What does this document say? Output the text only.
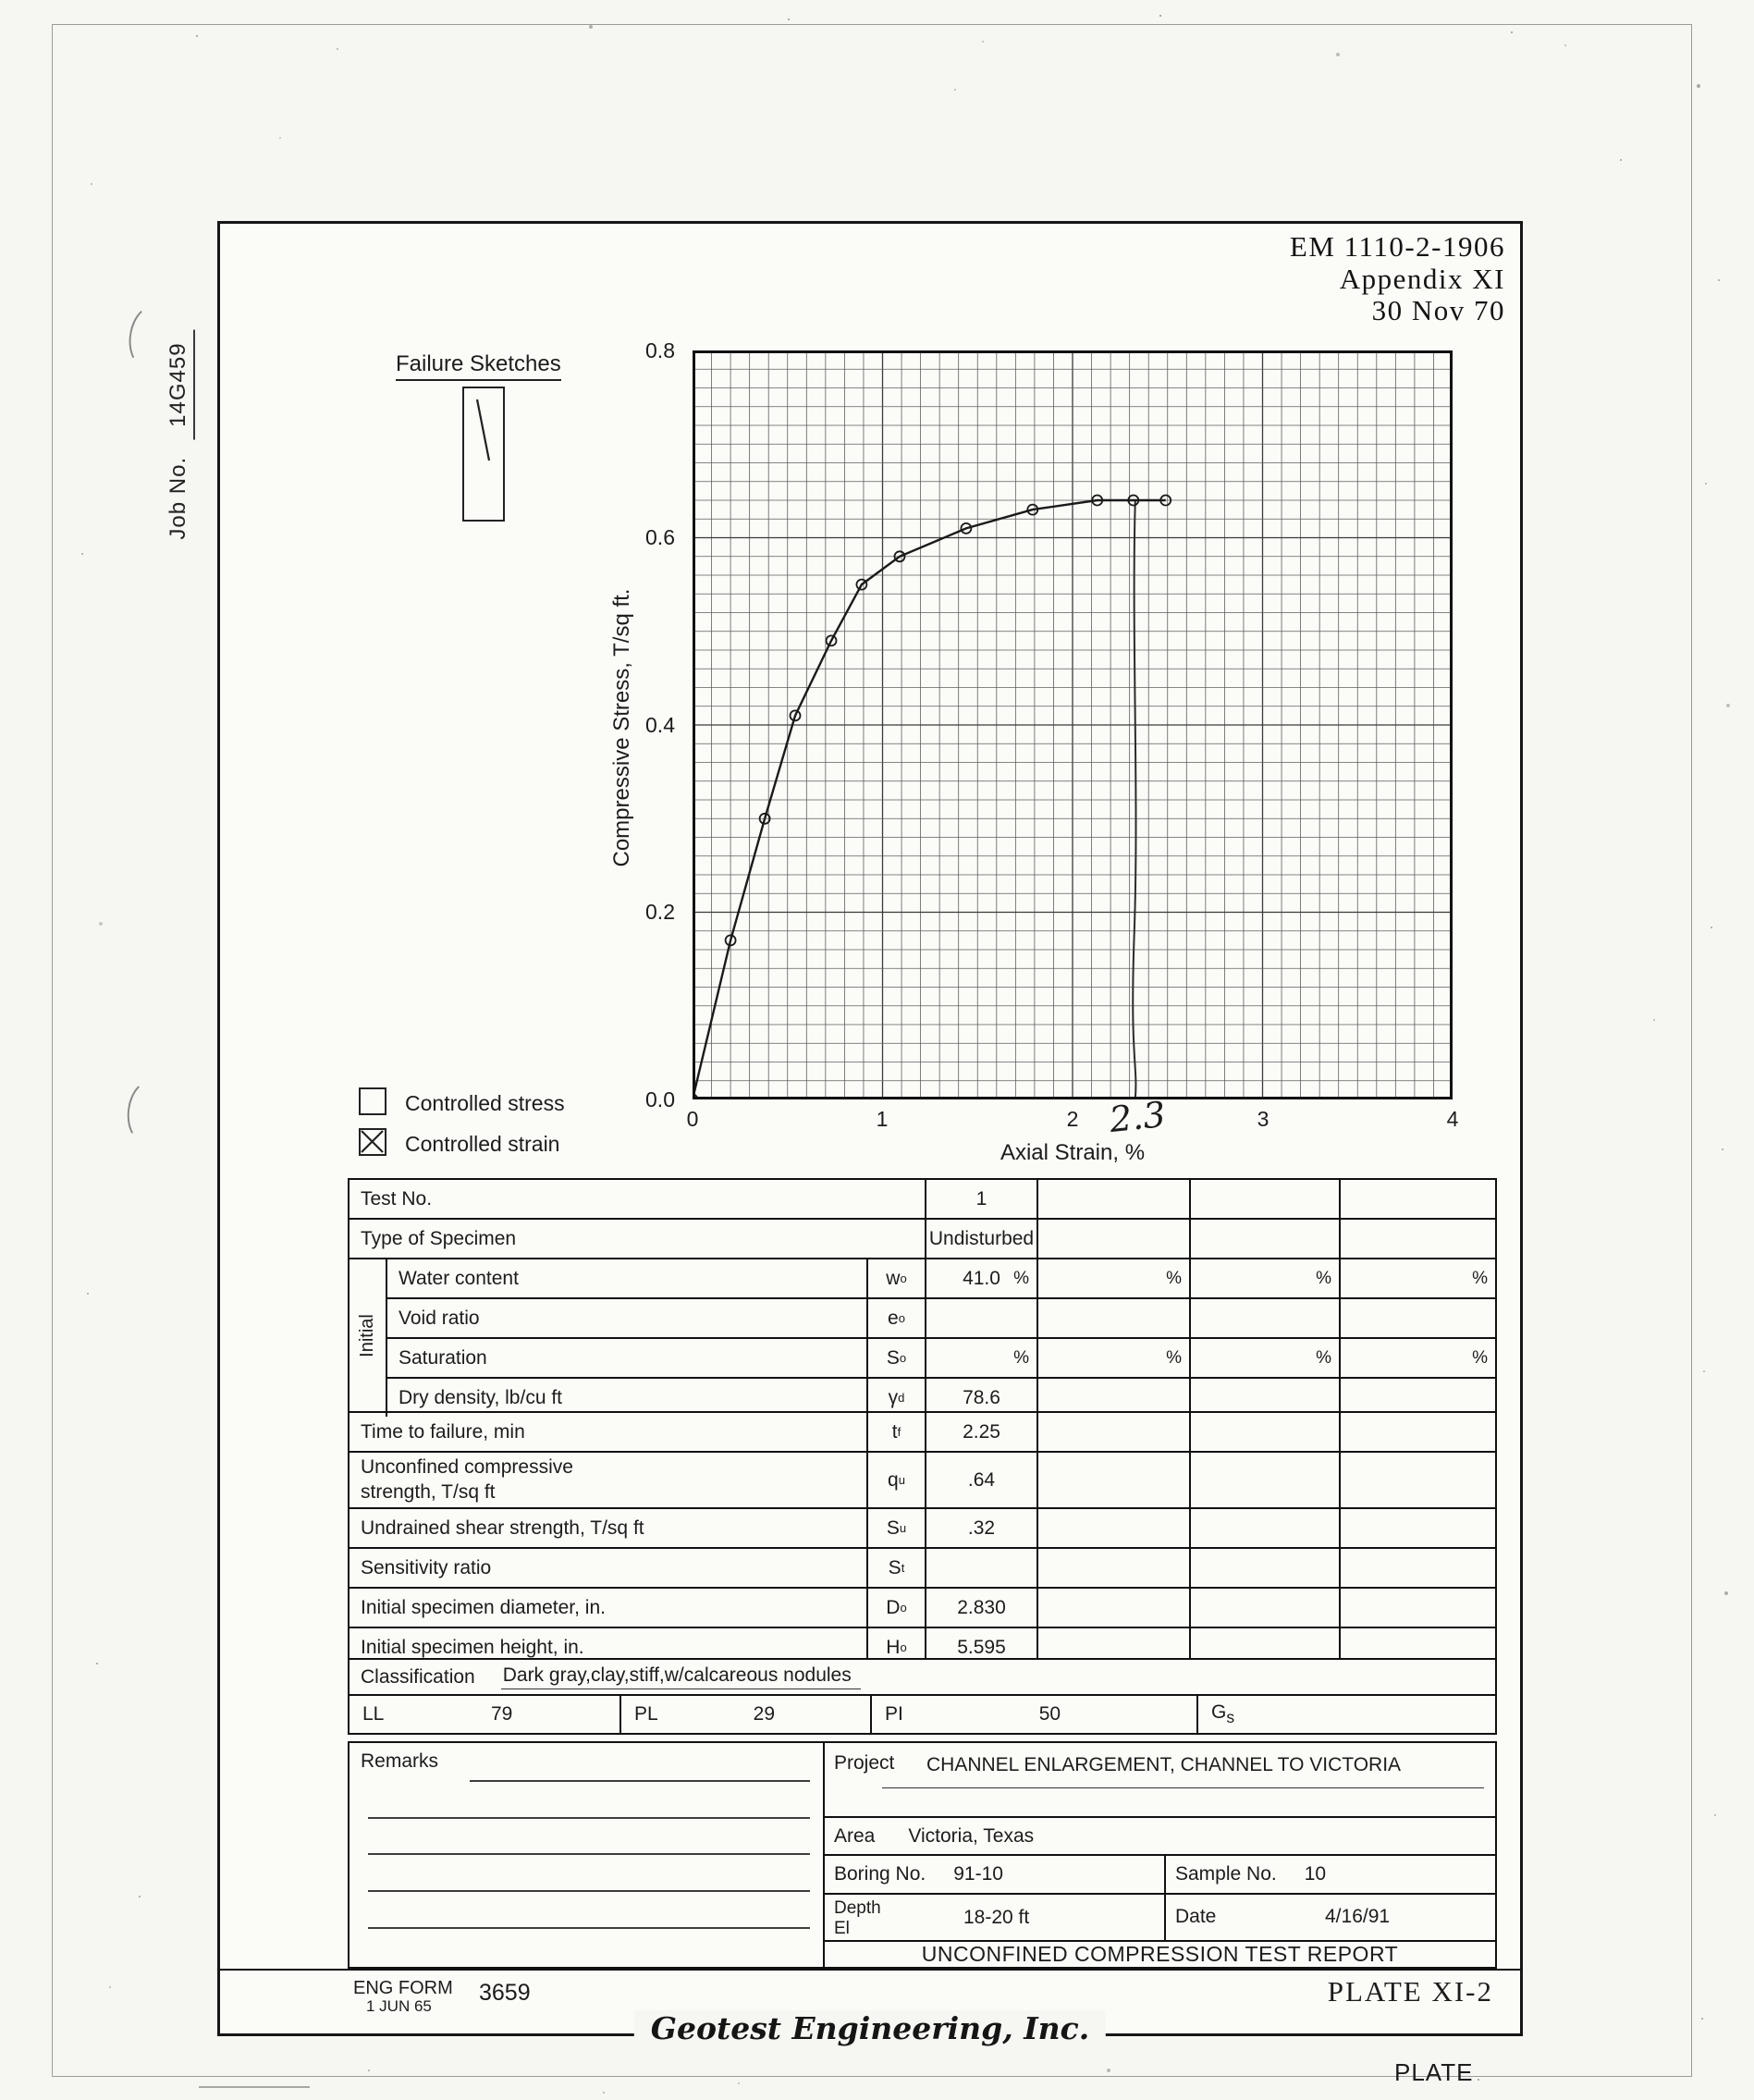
Job No.14G459
EM 1110-2-1906
Appendix XI
30 Nov 70
Failure Sketches
0.8
0.6
0.4
0.2
0.0
0	1	2	3	4
Axial Strain, %
Compressive Stress, T/sq ft.
2.3
Controlled stress
Controlled strain
Test No.	1
Type of Specimen	Undisturbed
Initial
Water content	w o	41.0 %	%	%	%
Void ratio	e o
Saturation	S o	%	%	%	%
Dry density, lb/cu ft	γ d	78.6
Time to failure, min	t f	2.25
Unconfined compressive
strength, T/sq ft
q u	.64
Undrained shear strength, T/sq ft	S u	.32
Sensitivity ratio	S t
Initial specimen diameter, in.	D o	2.830
Initial specimen height, in.	H o	5.595
Classification Dark gray,clay,stiff,w/calcareous nodules
LL	79	PL	29	PI	50	$G_s$
Remarks	Project CHANNEL ENLARGEMENT, CHANNEL TO VICTORIA
Area Victoria, Texas
Boring No. 91-10	Sample No. 10
Depth
El
18-20 ft	Date	4/16/91
UNCONFINED COMPRESSION TEST REPORT
ENG FORM
1 JUN 65
3659	PLATE XI-2
Geotest Engineering, Inc.
PLATE
